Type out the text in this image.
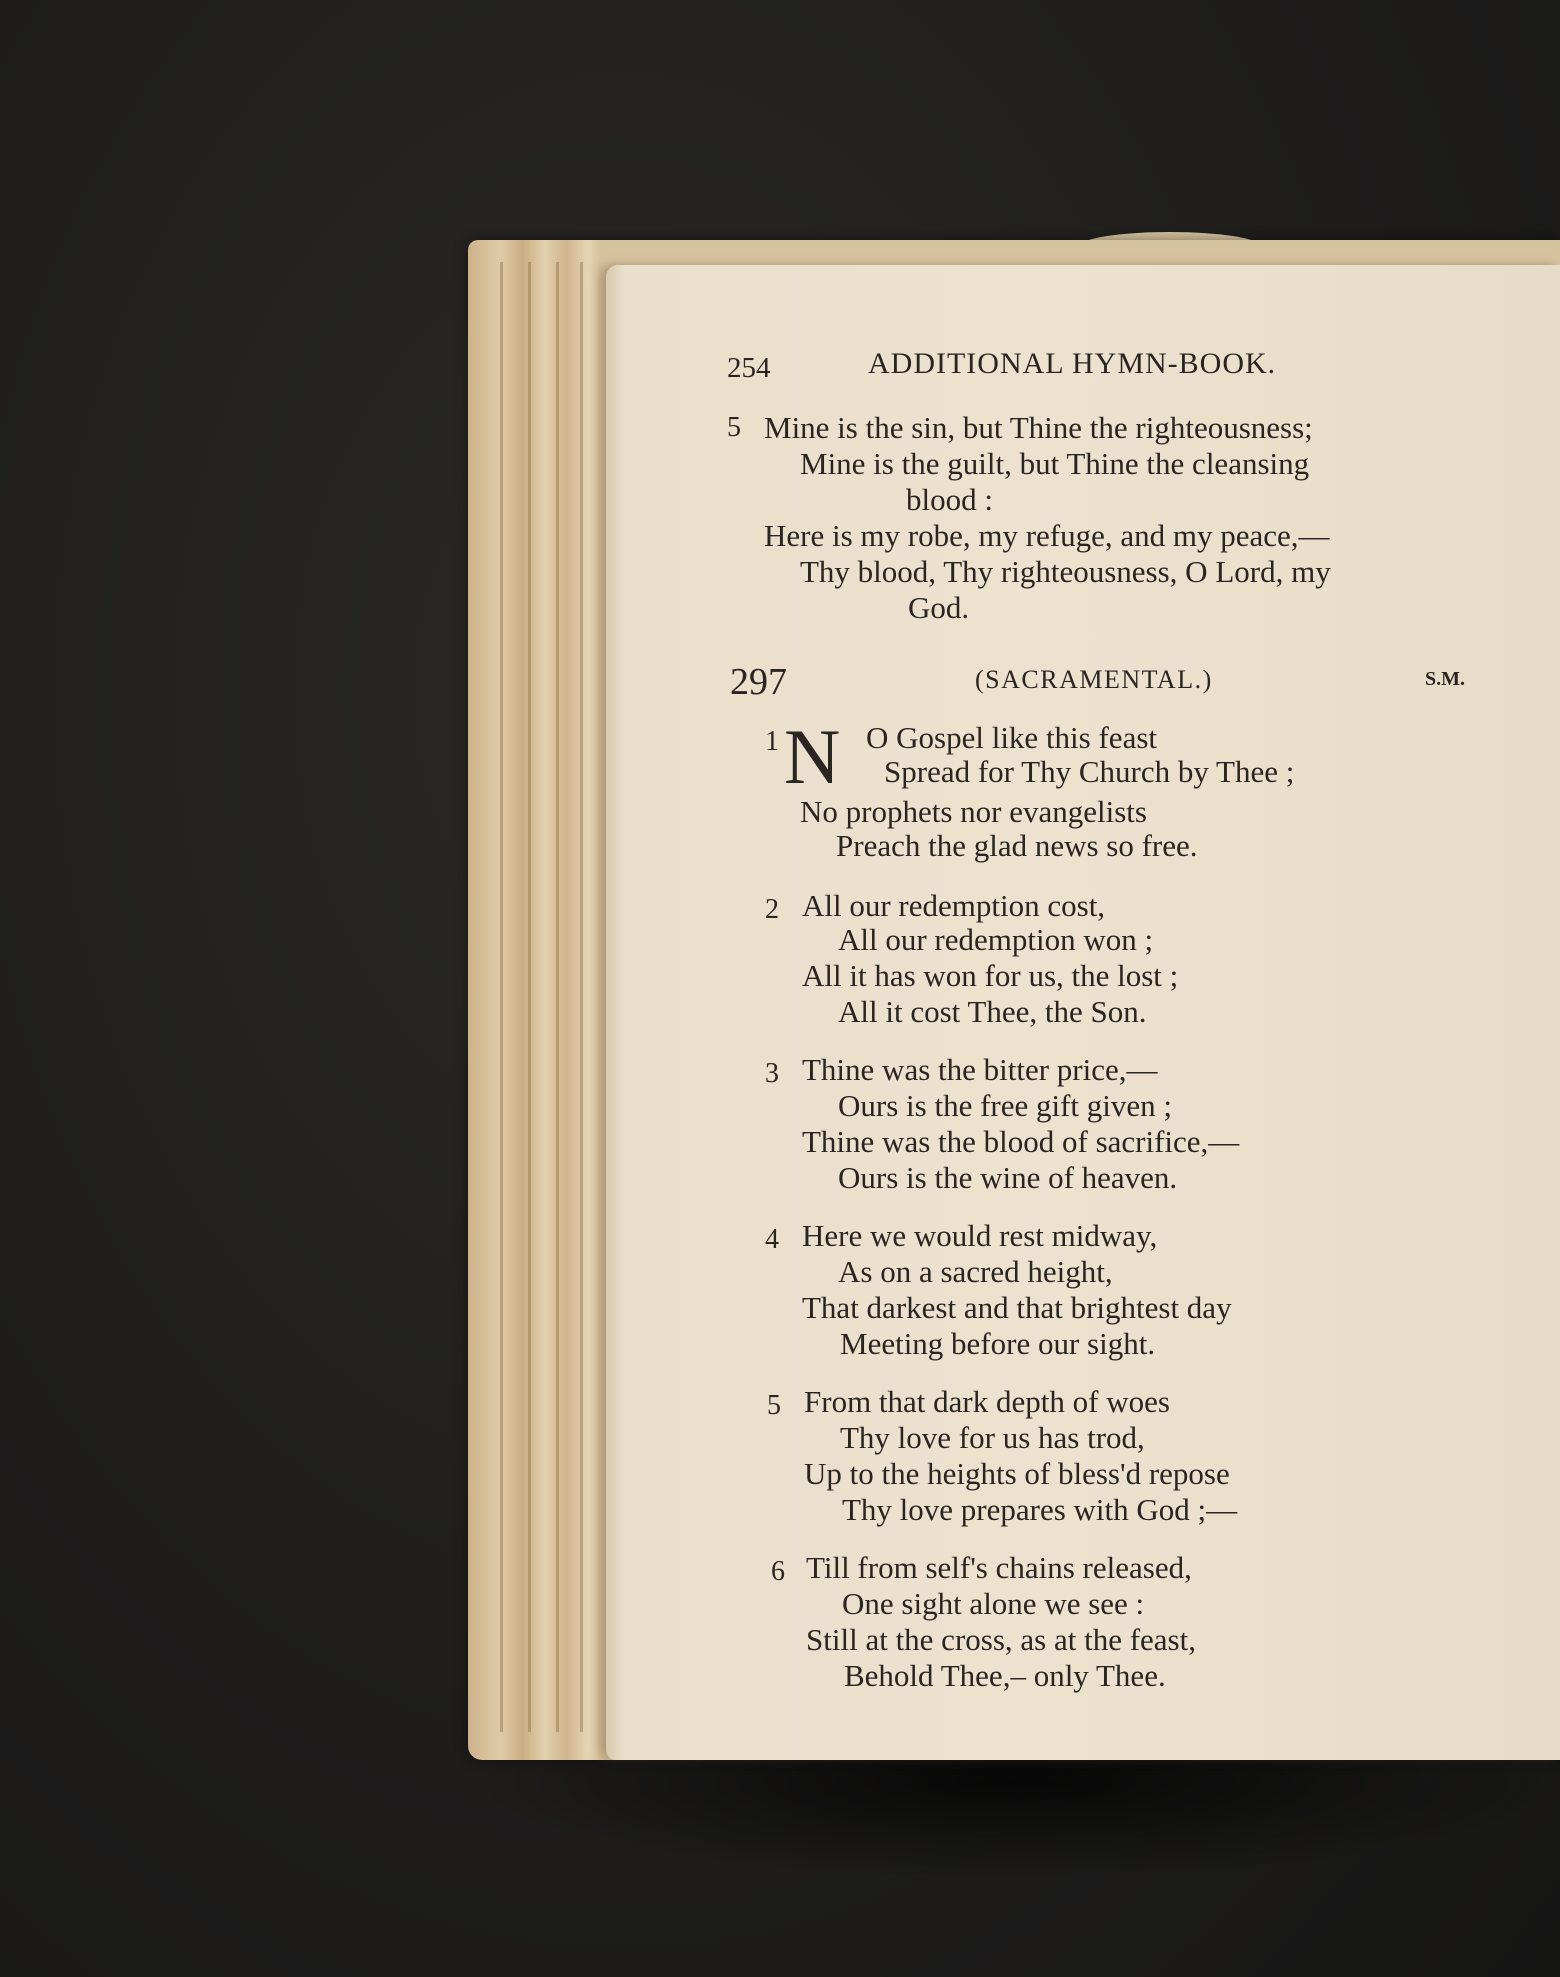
254	ADDITIONAL HYMN-BOOK.
5 Mine is the sin, but Thine the righteousness;
Mine is the guilt, but Thine the cleansing
blood :
Here is my robe, my refuge, and my peace,—
Thy blood, Thy righteousness, O Lord, my
God.
297	(SACRAMENTAL.)	S.M.
1 N O Gospel like this feast
Spread for Thy Church by Thee ;
No prophets nor evangelists
Preach the glad news so free.
2 All our redemption cost,
All our redemption won ;
All it has won for us, the lost ;
All it cost Thee, the Son.
3 Thine was the bitter price,—
Ours is the free gift given ;
Thine was the blood of sacrifice,—
Ours is the wine of heaven.
4 Here we would rest midway,
As on a sacred height,
That darkest and that brightest day
Meeting before our sight.
5 From that dark depth of woes
Thy love for us has trod,
Up to the heights of bless'd repose
Thy love prepares with God ;—
6 Till from self's chains released,
One sight alone we see :
Still at the cross, as at the feast,
Behold Thee,– only Thee.
